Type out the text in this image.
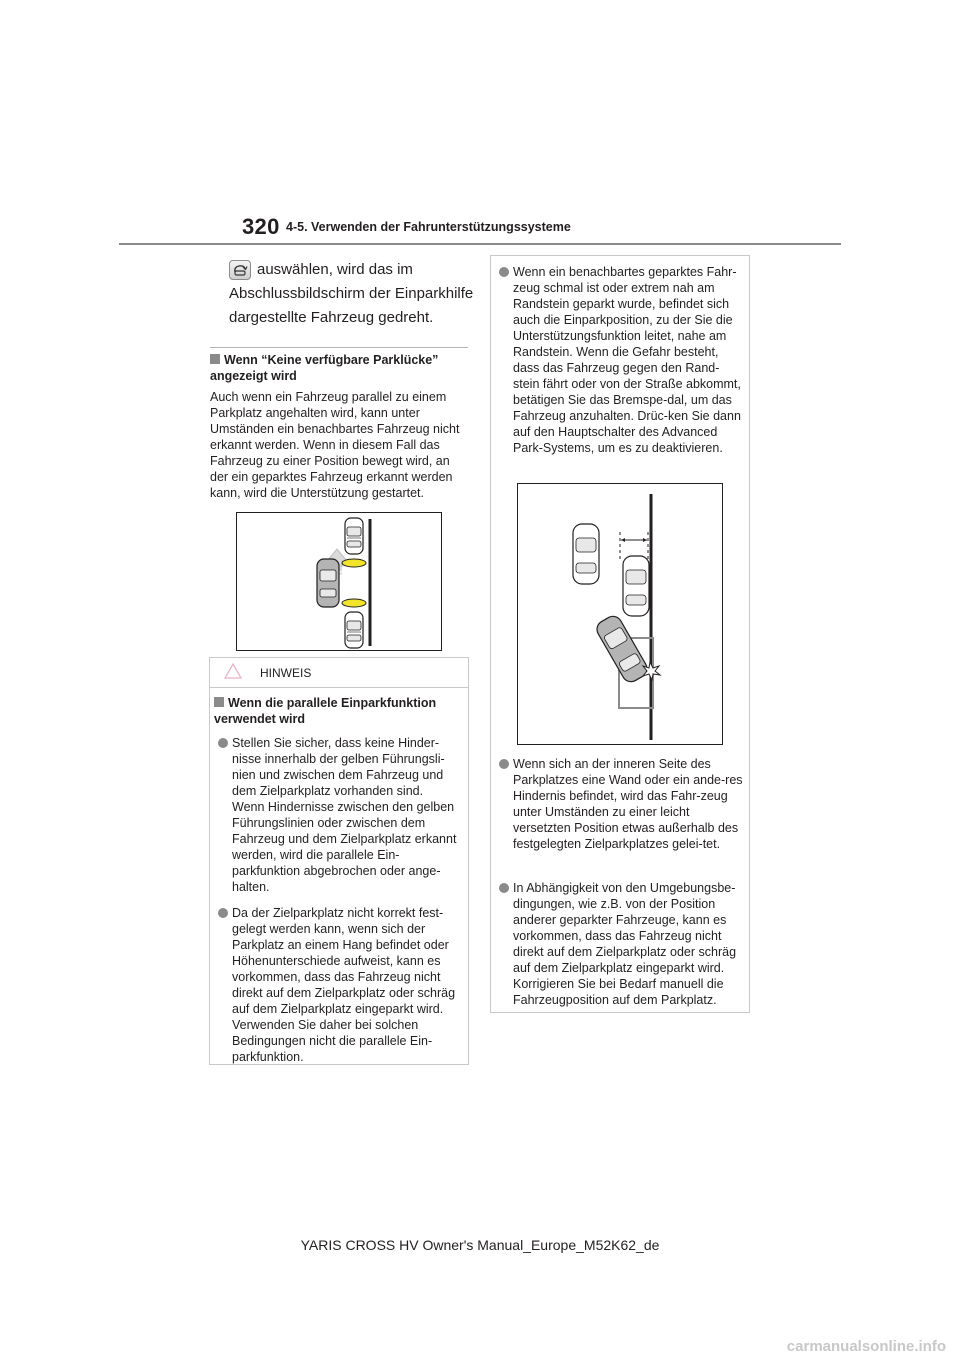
320 4-5. Verwenden der Fahrunterstützungssysteme
auswählen, wird das im
Abschlussbildschirm der Einparkhilfe
dargestellte Fahrzeug gedreht.
Wenn “Keine verfügbare Parklücke” angezeigt wird
Auch wenn ein Fahrzeug parallel zu einem Parkplatz angehalten wird, kann unter Umständen ein benachbartes Fahrzeug nicht erkannt werden. Wenn in diesem Fall das Fahrzeug zu einer Position bewegt wird, an der ein geparktes Fahrzeug erkannt werden kann, wird die Unterstützung gestartet.
HINWEIS
Wenn die parallele Einparkfunktion verwendet wird
Stellen Sie sicher, dass keine Hinder-nisse innerhalb der gelben Führungsli-nien und zwischen dem Fahrzeug und dem Zielparkplatz vorhanden sind. Wenn Hindernisse zwischen den gelben Führungslinien oder zwischen dem Fahrzeug und dem Zielparkplatz erkannt werden, wird die parallele Ein-parkfunktion abgebrochen oder ange-halten.
Da der Zielparkplatz nicht korrekt fest-gelegt werden kann, wenn sich der Parkplatz an einem Hang befindet oder Höhenunterschiede aufweist, kann es vorkommen, dass das Fahrzeug nicht direkt auf dem Zielparkplatz oder schräg auf dem Zielparkplatz eingeparkt wird. Verwenden Sie daher bei solchen Bedingungen nicht die parallele Ein-parkfunktion.
Wenn ein benachbartes geparktes Fahr-zeug schmal ist oder extrem nah am Randstein geparkt wurde, befindet sich auch die Einparkposition, zu der Sie die Unterstützungsfunktion leitet, nahe am Randstein. Wenn die Gefahr besteht, dass das Fahrzeug gegen den Rand-stein fährt oder von der Straße abkommt, betätigen Sie das Bremspe-dal, um das Fahrzeug anzuhalten. Drüc-ken Sie dann auf den Hauptschalter des Advanced Park-Systems, um es zu deaktivieren.
Wenn sich an der inneren Seite des Parkplatzes eine Wand oder ein ande-res Hindernis befindet, wird das Fahr-zeug unter Umständen zu einer leicht versetzten Position etwas außerhalb des festgelegten Zielparkplatzes gelei-tet.
In Abhängigkeit von den Umgebungsbe-dingungen, wie z.B. von der Position anderer geparkter Fahrzeuge, kann es vorkommen, dass das Fahrzeug nicht direkt auf dem Zielparkplatz oder schräg auf dem Zielparkplatz eingeparkt wird. Korrigieren Sie bei Bedarf manuell die Fahrzeugposition auf dem Parkplatz.
YARIS CROSS HV Owner's Manual_Europe_M52K62_de
carmanualsonline.info
